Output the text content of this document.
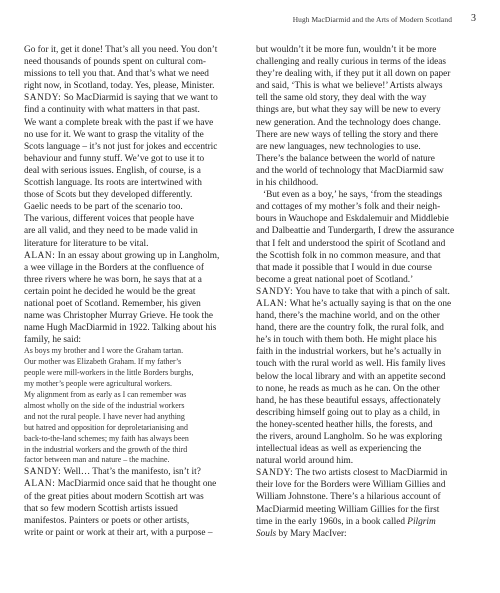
Hugh MacDiarmid and the Arts of Modern Scotland 3

Go for it, get it done! That’s all you need. You don’t
need thousands of pounds spent on cultural com-
missions to tell you that. And that’s what we need
right now, in Scotland, today. Yes, please, Minister.

SANDY: So MacDiarmid is saying that we want to
find a continuity with what matters in that past.
We want a complete break with the past if we have
no use for it. We want to grasp the vitality of the
Scots language – it’s not just for jokes and eccentric
behaviour and funny stuff. We’ve got to use it to
deal with serious issues. English, of course, is a
Scottish language. Its roots are intertwined with
those of Scots but they developed differently.
Gaelic needs to be part of the scenario too.
The various, different voices that people have
are all valid, and they need to be made valid in
literature for literature to be vital.

ALAN: In an essay about growing up in Langholm,
a wee village in the Borders at the confluence of
three rivers where he was born, he says that at a
certain point he decided he would be the great
national poet of Scotland. Remember, his given
name was Christopher Murray Grieve. He took the
name Hugh MacDiarmid in 1922. Talking about his
family, he said:

As boys my brother and I wore the Graham tartan.
Our mother was Elizabeth Graham. If my father’s
people were mill-workers in the little Borders burghs,
my mother’s people were agricultural workers.
My alignment from as early as I can remember was
almost wholly on the side of the industrial workers
and not the rural people. I have never had anything
but hatred and opposition for deproletarianising and
back-to-the-land schemes; my faith has always been
in the industrial workers and the growth of the third
factor between man and nature – the machine.

SANDY: Well… That’s the manifesto, isn’t it?

ALAN: MacDiarmid once said that he thought one
of the great pities about modern Scottish art was
that so few modern Scottish artists issued
manifestos. Painters or poets or other artists,
write or paint or work at their art, with a purpose –

but wouldn’t it be more fun, wouldn’t it be more
challenging and really curious in terms of the ideas
they’re dealing with, if they put it all down on paper
and said, ‘This is what we believe!’ Artists always
tell the same old story, they deal with the way
things are, but what they say will be new to every
new generation. And the technology does change.
There are new ways of telling the story and there
are new languages, new technologies to use.
There’s the balance between the world of nature
and the world of technology that MacDiarmid saw
in his childhood.

‘But even as a boy,’ he says, ‘from the steadings
and cottages of my mother’s folk and their neigh-
bours in Wauchope and Eskdalemuir and Middlebie
and Dalbeattie and Tundergarth, I drew the assurance
that I felt and understood the spirit of Scotland and
the Scottish folk in no common measure, and that
that made it possible that I would in due course
become a great national poet of Scotland.’

SANDY: You have to take that with a pinch of salt.

ALAN: What he’s actually saying is that on the one
hand, there’s the machine world, and on the other
hand, there are the country folk, the rural folk, and
he’s in touch with them both. He might place his
faith in the industrial workers, but he’s actually in
touch with the rural world as well. His family lives
below the local library and with an appetite second
to none, he reads as much as he can. On the other
hand, he has these beautiful essays, affectionately
describing himself going out to play as a child, in
the honey-scented heather hills, the forests, and
the rivers, around Langholm. So he was exploring
intellectual ideas as well as experiencing the
natural world around him.

SANDY: The two artists closest to MacDiarmid in
their love for the Borders were William Gillies and
William Johnstone. There’s a hilarious account of
MacDiarmid meeting William Gillies for the first
time in the early 1960s, in a book called Pilgrim
Souls by Mary MacIver:
